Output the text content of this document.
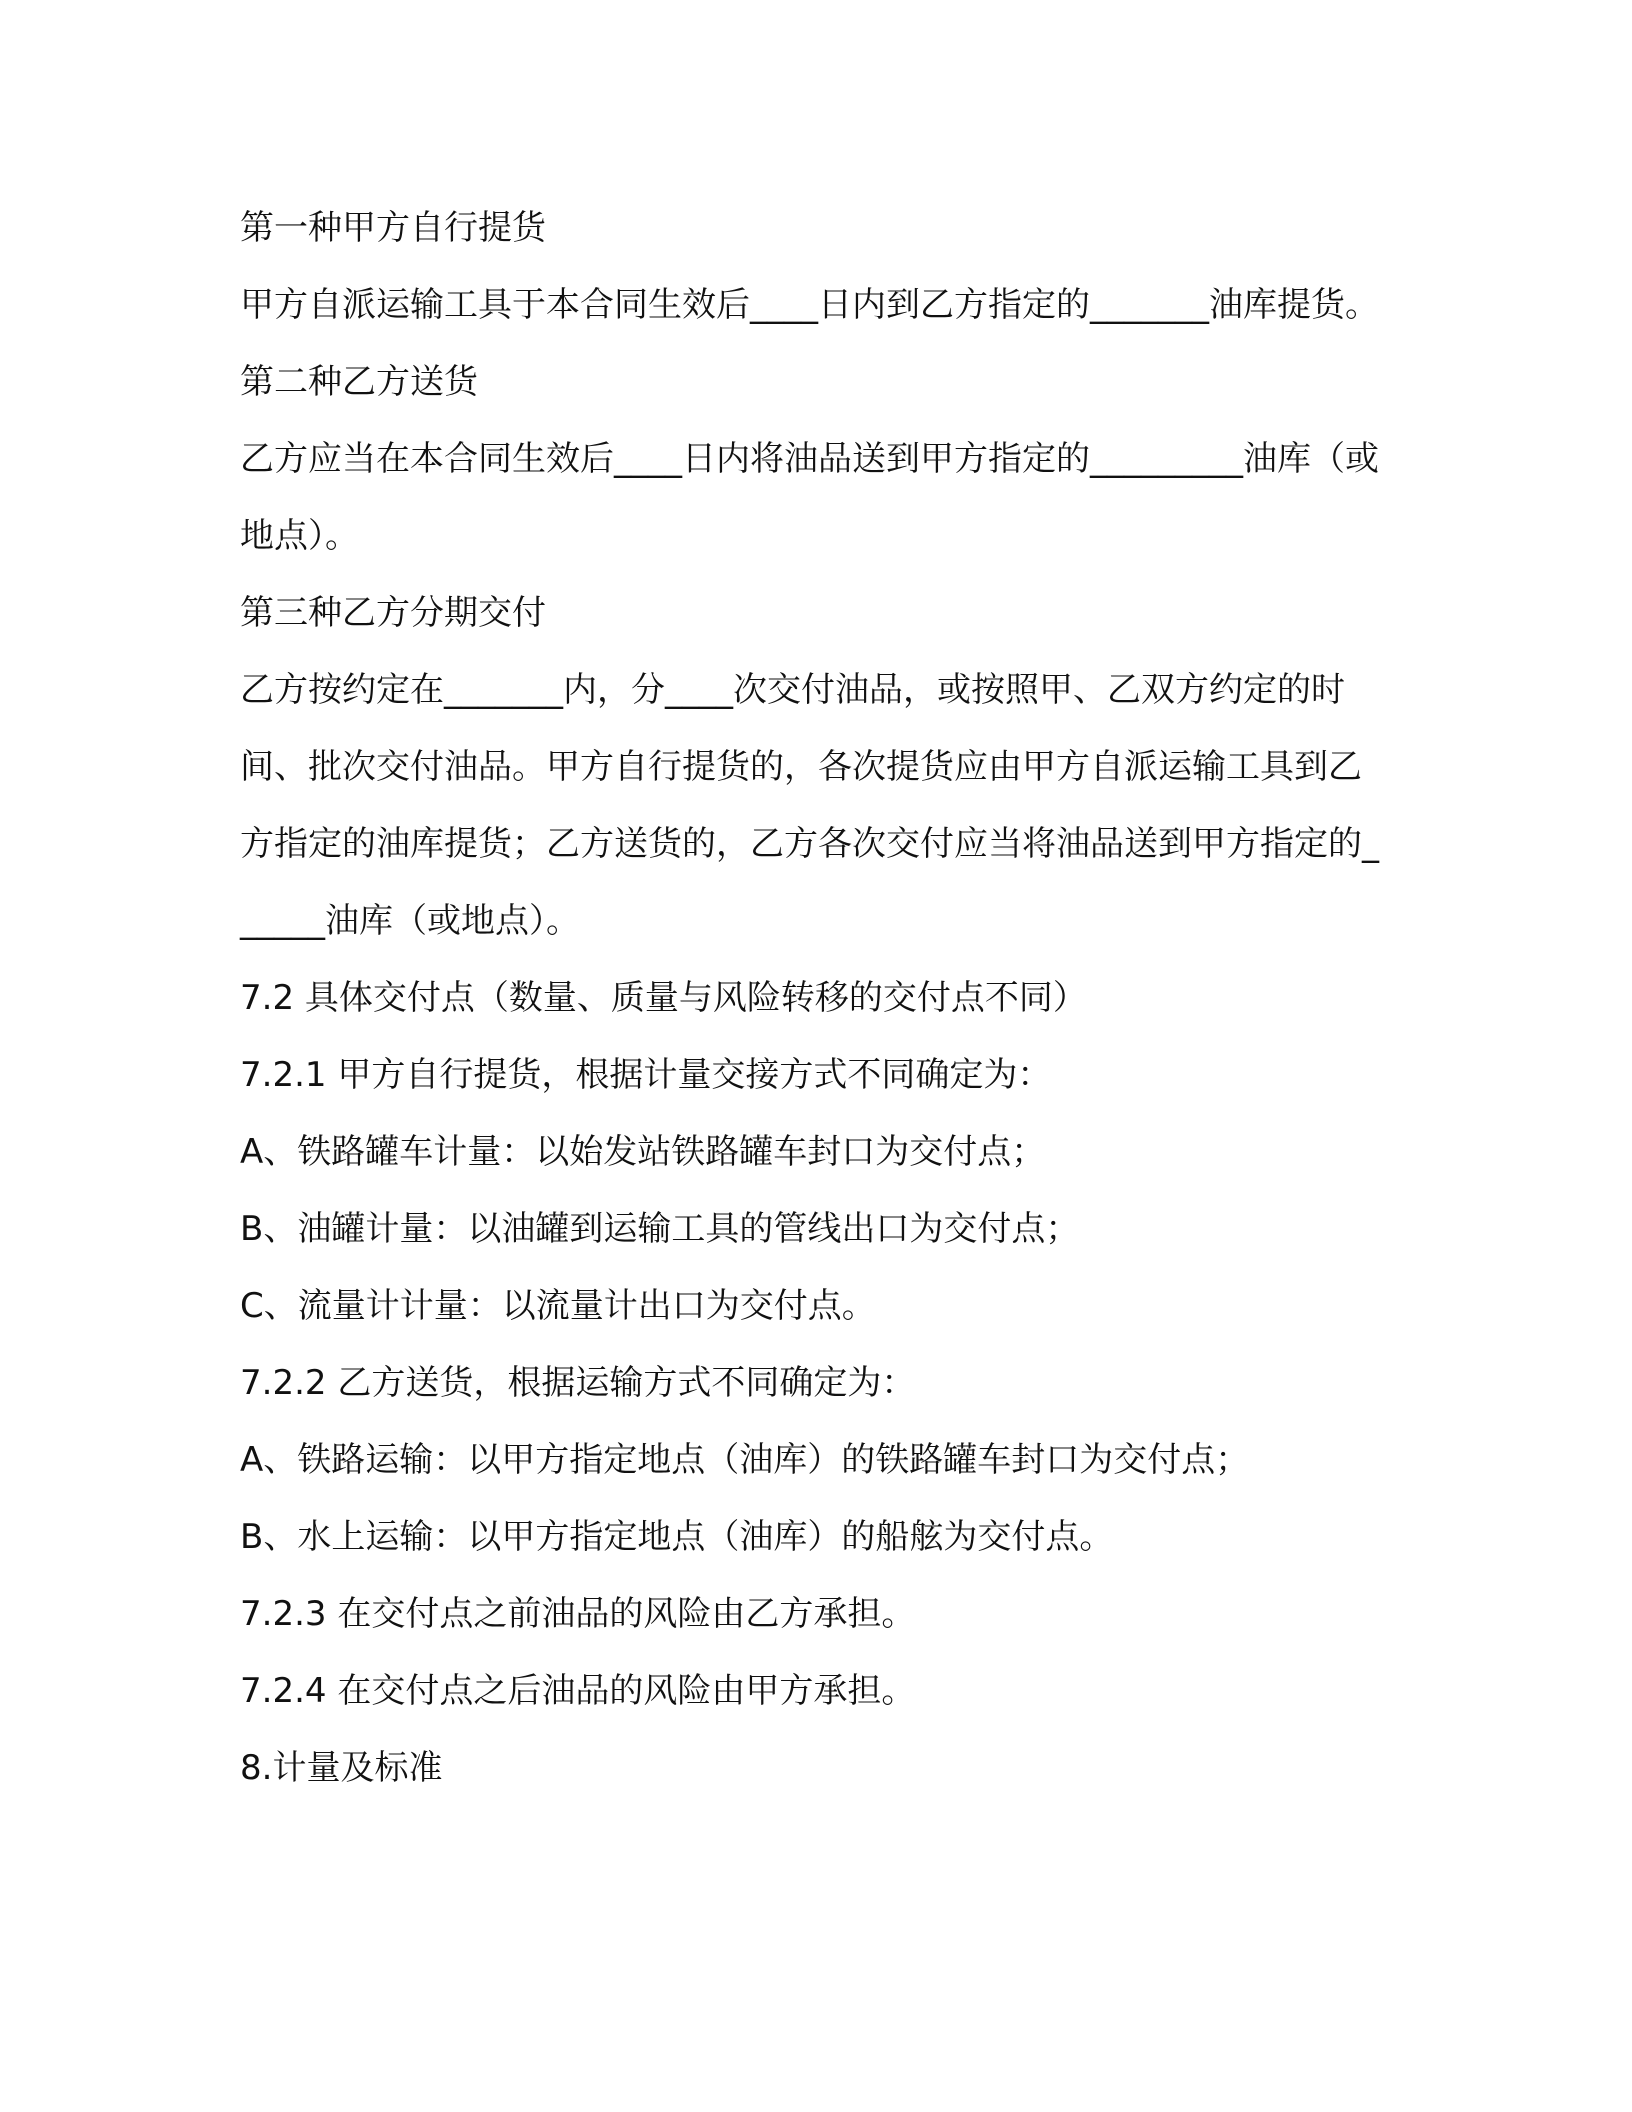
第一种甲方自行提货

甲方自派运输工具于本合同生效后____日内到乙方指定的_______油库提货。

第二种乙方送货

乙方应当在本合同生效后____日内将油品送到甲方指定的_________油库（或地点）。

第三种乙方分期交付

乙方按约定在_______内，分____次交付油品，或按照甲、乙双方约定的时间、批次交付油品。甲方自行提货的，各次提货应由甲方自派运输工具到乙方指定的油库提货；乙方送货的，乙方各次交付应当将油品送到甲方指定的______油库（或地点）。

7.2 具体交付点（数量、质量与风险转移的交付点不同）

7.2.1 甲方自行提货，根据计量交接方式不同确定为：

A、铁路罐车计量：以始发站铁路罐车封口为交付点；

B、油罐计量：以油罐到运输工具的管线出口为交付点；

C、流量计计量：以流量计出口为交付点。

7.2.2 乙方送货，根据运输方式不同确定为：

A、铁路运输：以甲方指定地点（油库）的铁路罐车封口为交付点；

B、水上运输：以甲方指定地点（油库）的船舷为交付点。

7.2.3 在交付点之前油品的风险由乙方承担。

7.2.4 在交付点之后油品的风险由甲方承担。

8.计量及标准
